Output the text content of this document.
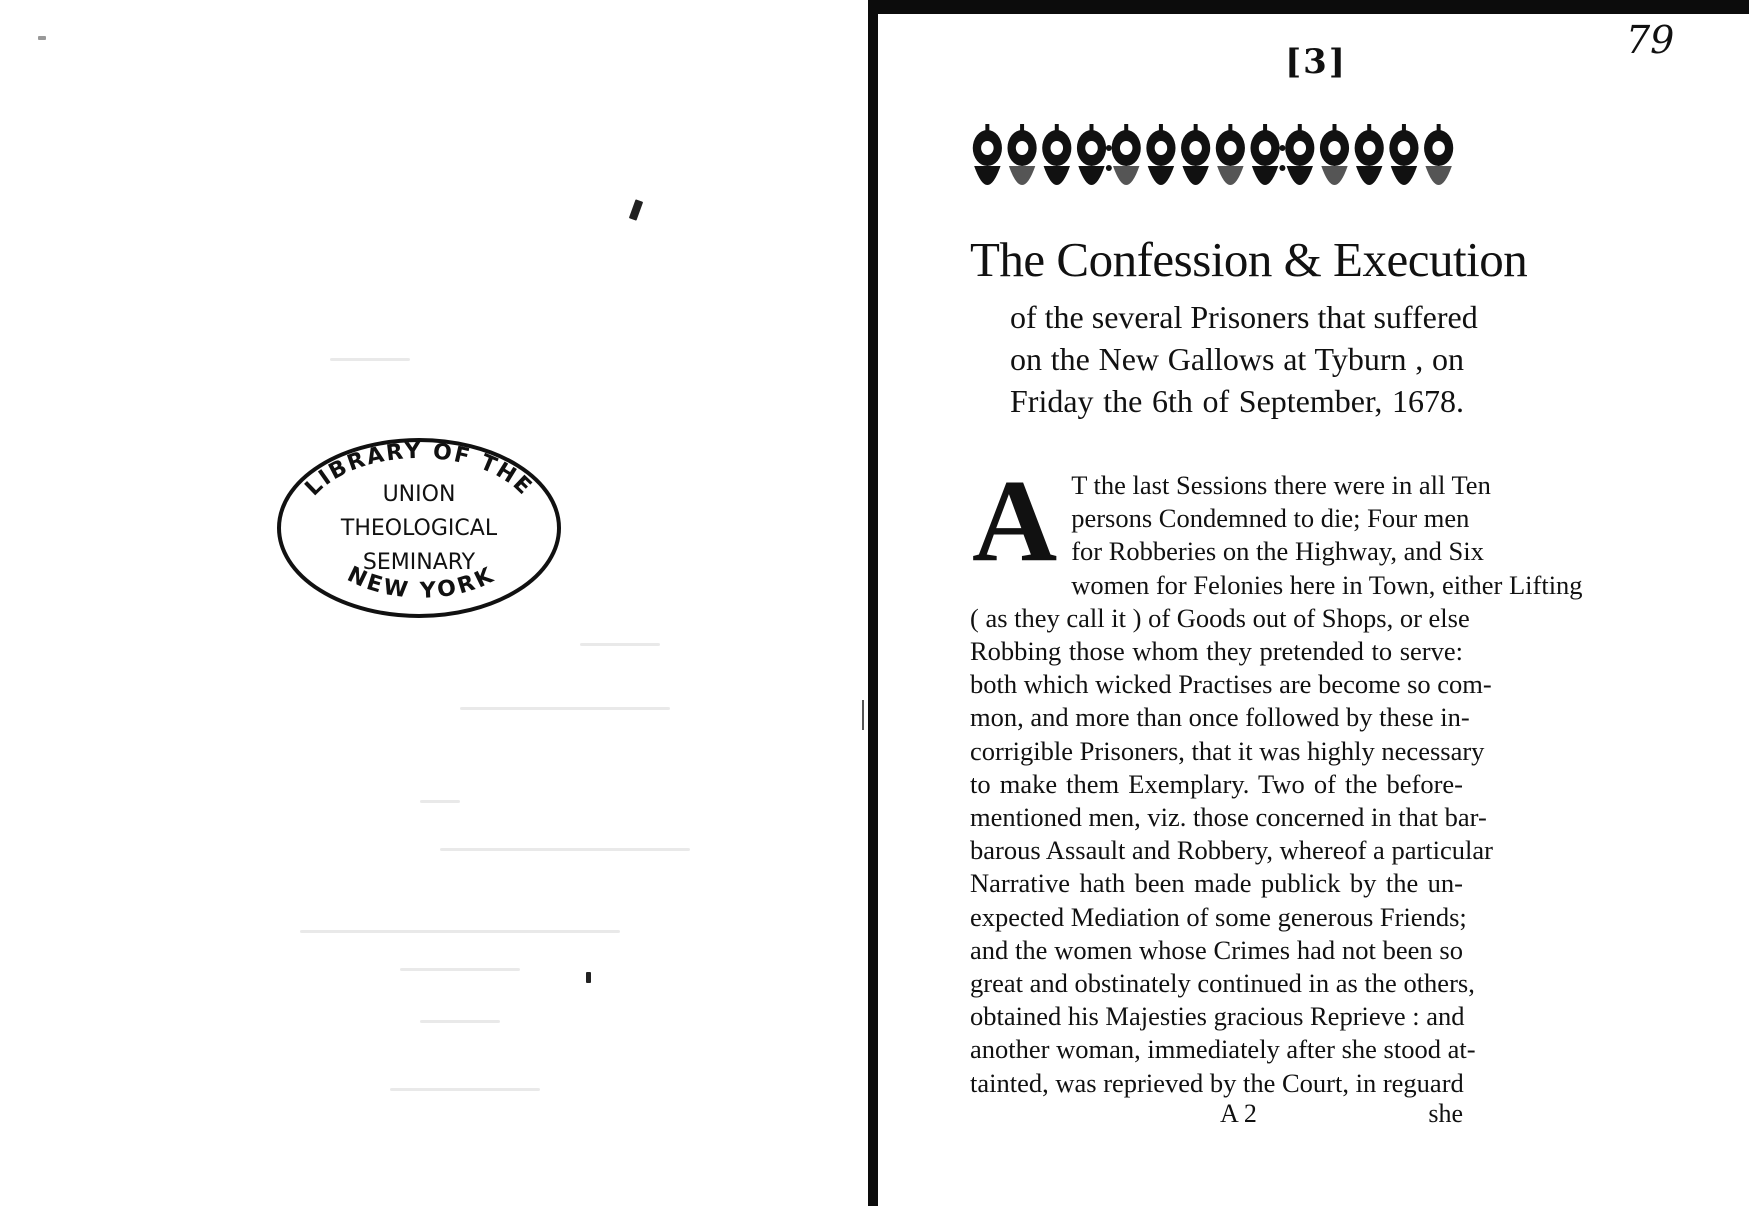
LIBRARY OF THE
NEW YORK
UNION
THEOLOGICAL
SEMINARY
[3]	79
The Confession & Execution
of the several Prisoners that suffered
on the New Gallows at Tyburn , on
Friday the 6th of September, 1678.
A T the last Sessions there were in all Ten
persons Condemned to die; Four men
for Robberies on the Highway, and Six
women for Felonies here in Town, either Lifting
( as they call it ) of Goods out of Shops, or else
Robbing those whom they pretended to serve:
both which wicked Practises are become so com-
mon, and more than once followed by these in-
corrigible Prisoners, that it was highly necessary
to make them Exemplary. Two of the before-
mentioned men, viz. those concerned in that bar-
barous Assault and Robbery, whereof a particular
Narrative hath been made publick by the un-
expected Mediation of some generous Friends;
and the women whose Crimes had not been so
great and obstinately continued in as the others,
obtained his Majesties gracious Reprieve : and
another woman, immediately after she stood at-
tainted, was reprieved by the Court, in reguard
A 2	she
